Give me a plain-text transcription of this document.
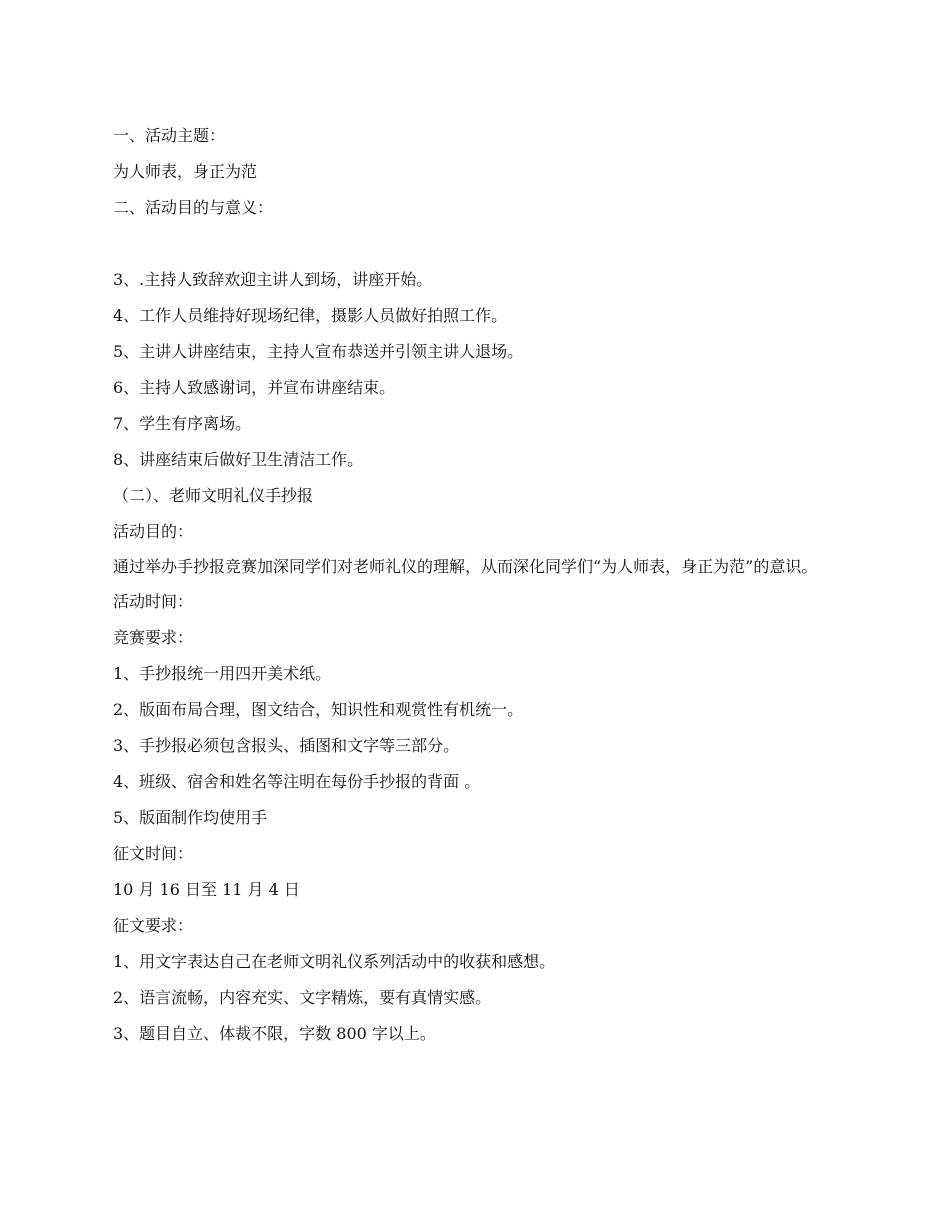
一、活动主题：

为人师表，身正为范

二、活动目的与意义：

3、.主持人致辞欢迎主讲人到场，讲座开始。

4、工作人员维持好现场纪律，摄影人员做好拍照工作。

5、主讲人讲座结束，主持人宣布恭送并引领主讲人退场。

6、主持人致感谢词，并宣布讲座结束。

7、学生有序离场。

8、讲座结束后做好卫生清洁工作。

（二）、老师文明礼仪手抄报

活动目的：

通过举办手抄报竞赛加深同学们对老师礼仪的理解，从而深化同学们“为人师表，身正为范”的意识。

活动时间：

竞赛要求：

1、手抄报统一用四开美术纸。

2、版面布局合理，图文结合，知识性和观赏性有机统一。

3、手抄报必须包含报头、插图和文字等三部分。

4、班级、宿舍和姓名等注明在每份手抄报的背面 。

5、版面制作均使用手

征文时间：

10 月 16 日至 11 月 4 日

征文要求：

1、用文字表达自己在老师文明礼仪系列活动中的收获和感想。

2、语言流畅，内容充实、文字精炼，要有真情实感。

3、题目自立、体裁不限，字数 800 字以上。
